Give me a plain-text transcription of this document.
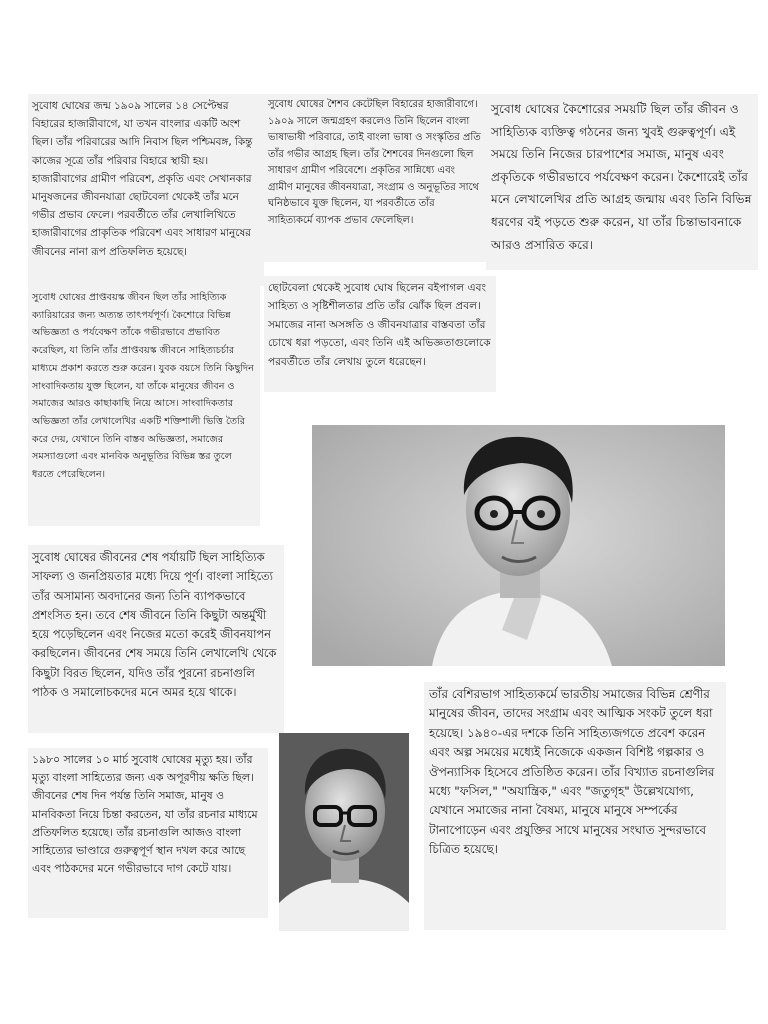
সুবোধ ঘোষের জন্ম ১৯০৯ সালের ১৪ সেপ্টেম্বর বিহারের হাজারীবাগে, যা তখন বাংলার একটি অংশ ছিল। তাঁর পরিবারের আদি নিবাস ছিল পশ্চিমবঙ্গ, কিন্তু কাজের সূত্রে তাঁর পরিবার বিহারে স্থায়ী হয়। হাজারীবাগের গ্রামীণ পরিবেশ, প্রকৃতি এবং সেখানকার মানুষজনের জীবনযাত্রা ছোটবেলা থেকেই তাঁর মনে গভীর প্রভাব ফেলে। পরবর্তীতে তাঁর লেখালিখিতে হাজারীবাগের প্রাকৃতিক পরিবেশ এবং সাধারণ মানুষের জীবনের নানা রূপ প্রতিফলিত হয়েছে।
সুবোধ ঘোষের শৈশব কেটেছিল বিহারের হাজারীবাগে। ১৯০৯ সালে জন্মগ্রহণ করলেও তিনি ছিলেন বাংলা ভাষাভাষী পরিবারে, তাই বাংলা ভাষা ও সংস্কৃতির প্রতি তাঁর গভীর আগ্রহ ছিল। তাঁর শৈশবের দিনগুলো ছিল সাধারণ গ্রামীণ পরিবেশে। প্রকৃতির সান্নিধ্যে এবং গ্রামীণ মানুষের জীবনযাত্রা, সংগ্রাম ও অনুভূতির সাথে ঘনিষ্ঠভাবে যুক্ত ছিলেন, যা পরবর্তীতে তাঁর সাহিত্যকর্মে ব্যাপক প্রভাব ফেলেছিল।
সুবোধ ঘোষের কৈশোরের সময়টি ছিল তাঁর জীবন ও সাহিত্যিক ব্যক্তিত্ব গঠনের জন্য খুবই গুরুত্বপূর্ণ। এই সময়ে তিনি নিজের চারপাশের সমাজ, মানুষ এবং প্রকৃতিকে গভীরভাবে পর্যবেক্ষণ করেন। কৈশোরেই তাঁর মনে লেখালেখির প্রতি আগ্রহ জন্মায় এবং তিনি বিভিন্ন ধরণের বই পড়তে শুরু করেন, যা তাঁর চিন্তাভাবনাকে আরও প্রসারিত করে।
সুবোধ ঘোষের প্রাপ্তবয়স্ক জীবন ছিল তাঁর সাহিত্যিক ক্যারিয়ারের জন্য অত্যন্ত তাৎপর্যপূর্ণ। কৈশোরে বিভিন্ন অভিজ্ঞতা ও পর্যবেক্ষণ তাঁকে গভীরভাবে প্রভাবিত করেছিল, যা তিনি তাঁর প্রাপ্তবয়স্ক জীবনে সাহিত্যচর্চার মাধ্যমে প্রকাশ করতে শুরু করেন। যুবক বয়সে তিনি কিছুদিন সাংবাদিকতায় যুক্ত ছিলেন, যা তাঁকে মানুষের জীবন ও সমাজের আরও কাছাকাছি নিয়ে আসে। সাংবাদিকতার অভিজ্ঞতা তাঁর লেখালেখির একটি শক্তিশালী ভিত্তি তৈরি করে দেয়, যেখানে তিনি বাস্তব অভিজ্ঞতা, সমাজের সমস্যাগুলো এবং মানবিক অনুভূতির বিভিন্ন স্তর তুলে ধরতে পেরেছিলেন।
ছোটবেলা থেকেই সুবোধ ঘোষ ছিলেন বইপাগল এবং সাহিত্য ও সৃষ্টিশীলতার প্রতি তাঁর ঝোঁক ছিল প্রবল। সমাজের নানা অসঙ্গতি ও জীবনযাত্রার বাস্তবতা তাঁর চোখে ধরা পড়তো, এবং তিনি এই অভিজ্ঞতাগুলোকে পরবর্তীতে তাঁর লেখায় তুলে ধরেছেন।
সুবোধ ঘোষের জীবনের শেষ পর্যায়টি ছিল সাহিত্যিক সাফল্য ও জনপ্রিয়তার মধ্যে দিয়ে পূর্ণ। বাংলা সাহিত্যে তাঁর অসামান্য অবদানের জন্য তিনি ব্যাপকভাবে প্রশংসিত হন। তবে শেষ জীবনে তিনি কিছুটা অন্তর্মুখী হয়ে পড়েছিলেন এবং নিজের মতো করেই জীবনযাপন করছিলেন। জীবনের শেষ সময়ে তিনি লেখালেখি থেকে কিছুটা বিরত ছিলেন, যদিও তাঁর পুরনো রচনাগুলি পাঠক ও সমালোচকদের মনে অমর হয়ে থাকে।	তাঁর বেশিরভাগ সাহিত্যকর্মে ভারতীয় সমাজের বিভিন্ন শ্রেণীর মানুষের জীবন, তাদের সংগ্রাম এবং আত্মিক সংকট তুলে ধরা হয়েছে। ১৯৪০-এর দশকে তিনি সাহিত্যজগতে প্রবেশ করেন এবং অল্প সময়ের মধ্যেই নিজেকে একজন বিশিষ্ট গল্পকার ও ঔপন্যাসিক হিসেবে প্রতিষ্ঠিত করেন। তাঁর বিখ্যাত রচনাগুলির মধ্যে "ফসিল," "অযান্ত্রিক," এবং "জতুগৃহ" উল্লেখযোগ্য, যেখানে সমাজের নানা বৈষম্য, মানুষে মানুষে সম্পর্কের টানাপোড়েন এবং প্রযুক্তির সাথে মানুষের সংঘাত সুন্দরভাবে চিত্রিত হয়েছে।
১৯৮০ সালের ১০ মার্চ সুবোধ ঘোষের মৃত্যু হয়। তাঁর মৃত্যু বাংলা সাহিত্যের জন্য এক অপূরণীয় ক্ষতি ছিল। জীবনের শেষ দিন পর্যন্ত তিনি সমাজ, মানুষ ও মানবিকতা নিয়ে চিন্তা করতেন, যা তাঁর রচনার মাধ্যমে প্রতিফলিত হয়েছে। তাঁর রচনাগুলি আজও বাংলা সাহিত্যের ভাণ্ডারে গুরুত্বপূর্ণ স্থান দখল করে আছে এবং পাঠকদের মনে গভীরভাবে দাগ কেটে যায়।
